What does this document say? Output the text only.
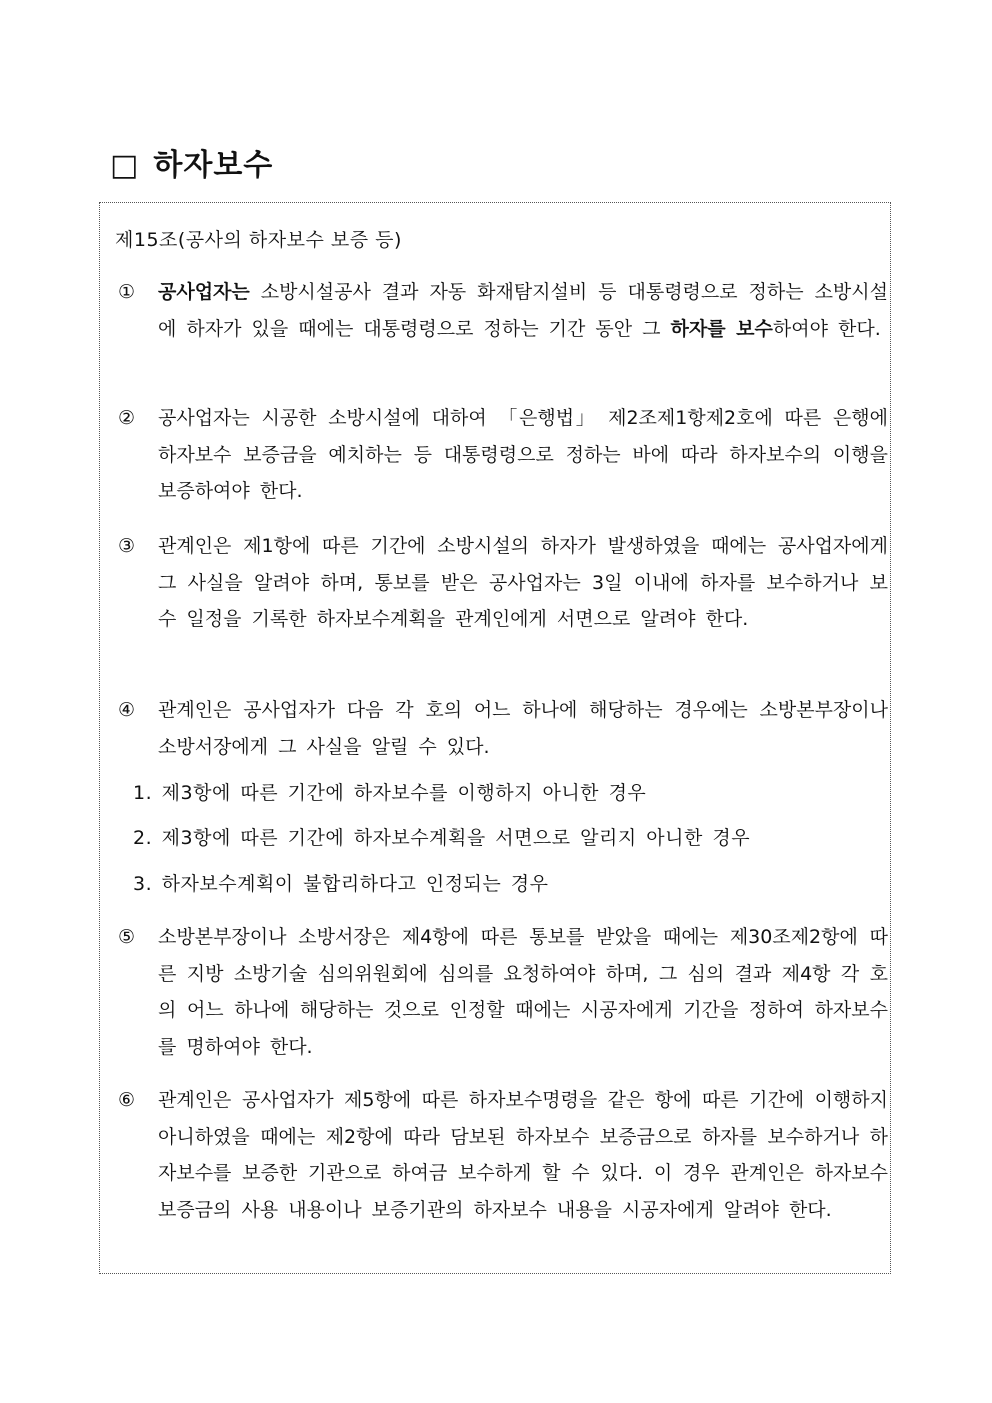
□ 하자보수
제15조(공사의 하자보수 보증 등)
① 공사업자는 소방시설공사 결과 자동 화재탐지설비 등 대통령령으로 정하는 소방시설에 하자가 있을 때에는 대통령령으로 정하는 기간 동안 그 하자를 보수하여야 한다.
② 공사업자는 시공한 소방시설에 대하여 「은행법」 제2조제1항제2호에 따른 은행에 하자보수 보증금을 예치하는 등 대통령령으로 정하는 바에 따라 하자보수의 이행을 보증하여야 한다.
③ 관계인은 제1항에 따른 기간에 소방시설의 하자가 발생하였을 때에는 공사업자에게 그 사실을 알려야 하며, 통보를 받은 공사업자는 3일 이내에 하자를 보수하거나 보수 일정을 기록한 하자보수계획을 관계인에게 서면으로 알려야 한다.
④ 관계인은 공사업자가 다음 각 호의 어느 하나에 해당하는 경우에는 소방본부장이나 소방서장에게 그 사실을 알릴 수 있다.
1. 제3항에 따른 기간에 하자보수를 이행하지 아니한 경우
2. 제3항에 따른 기간에 하자보수계획을 서면으로 알리지 아니한 경우
3. 하자보수계획이 불합리하다고 인정되는 경우
⑤ 소방본부장이나 소방서장은 제4항에 따른 통보를 받았을 때에는 제30조제2항에 따른 지방 소방기술 심의위원회에 심의를 요청하여야 하며, 그 심의 결과 제4항 각 호의 어느 하나에 해당하는 것으로 인정할 때에는 시공자에게 기간을 정하여 하자보수를 명하여야 한다.
⑥ 관계인은 공사업자가 제5항에 따른 하자보수명령을 같은 항에 따른 기간에 이행하지 아니하였을 때에는 제2항에 따라 담보된 하자보수 보증금으로 하자를 보수하거나 하자보수를 보증한 기관으로 하여금 보수하게 할 수 있다. 이 경우 관계인은 하자보수 보증금의 사용 내용이나 보증기관의 하자보수 내용을 시공자에게 알려야 한다.
